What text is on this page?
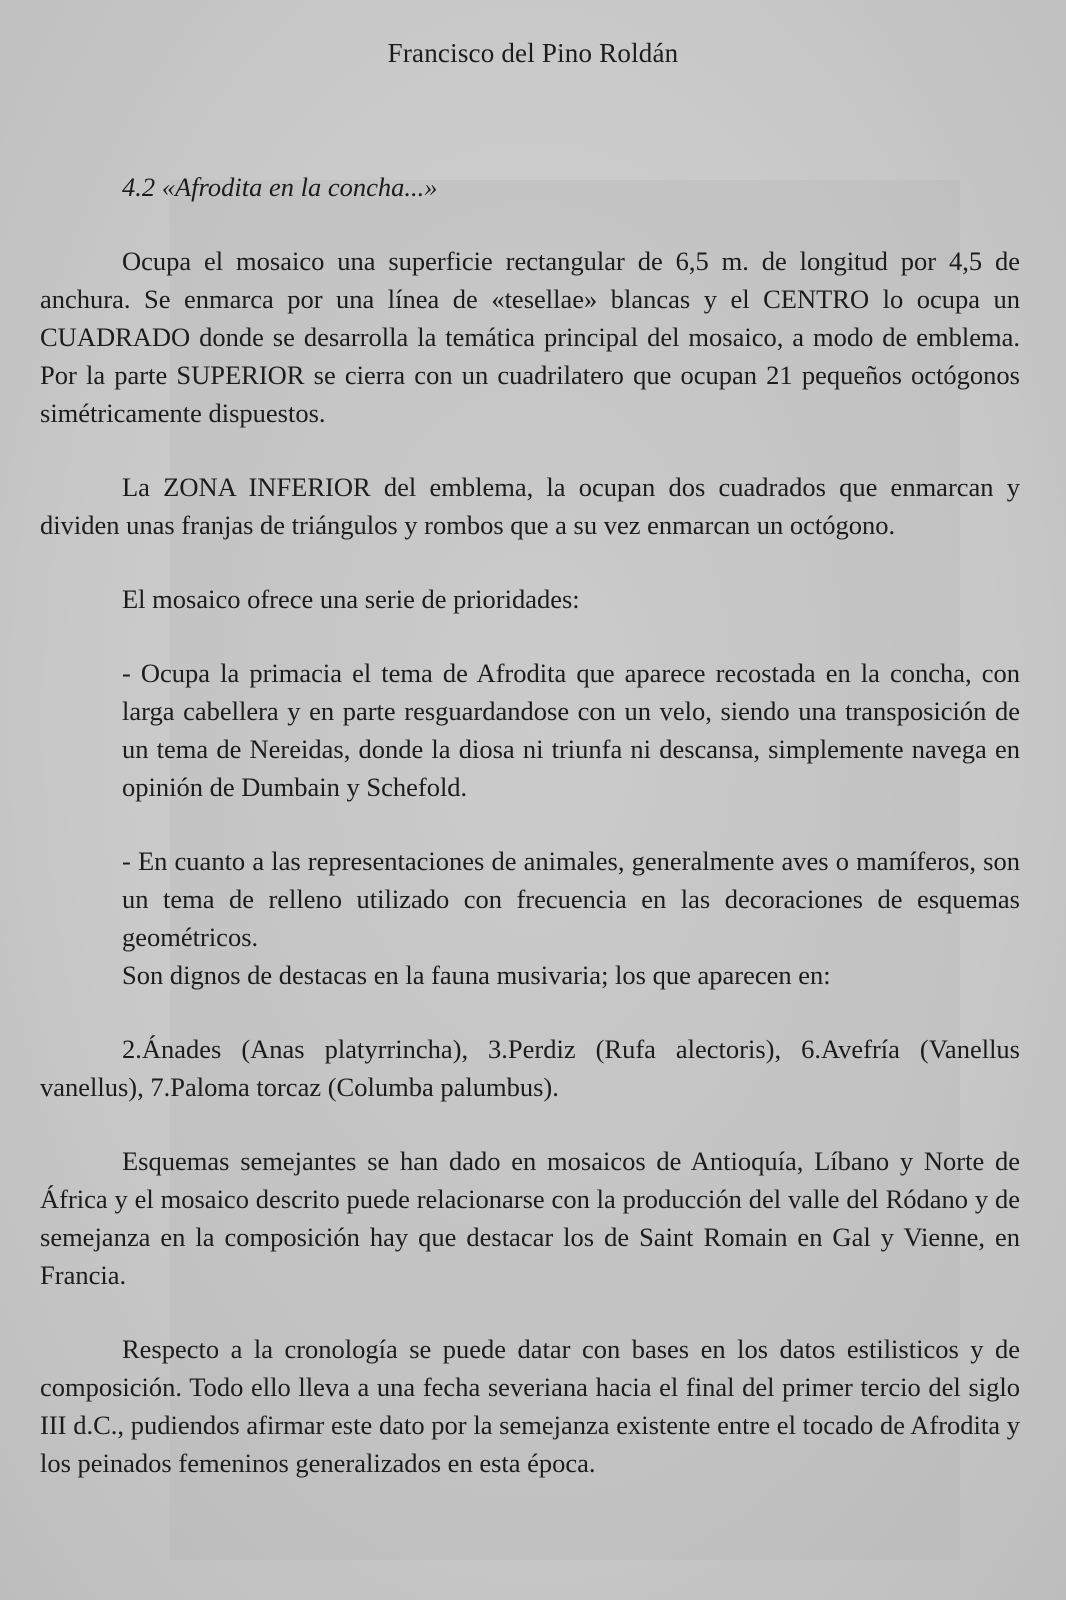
Francisco del Pino Roldán
4.2 «Afrodita en la concha...»
Ocupa el mosaico una superficie rectangular de 6,5 m. de longitud por 4,5 de anchura. Se enmarca por una línea de «tesellae» blancas y el CENTRO lo ocupa un CUADRADO donde se desarrolla la temática principal del mosaico, a modo de emblema. Por la parte SUPERIOR se cierra con un cuadrilatero que ocupan 21 pequeños octógonos simétricamente dispuestos.
La ZONA INFERIOR del emblema, la ocupan dos cuadrados que enmarcan y dividen unas franjas de triángulos y rombos que a su vez enmarcan un octógono.
El mosaico ofrece una serie de prioridades:
- Ocupa la primacia el tema de Afrodita que aparece recostada en la concha, con larga cabellera y en parte resguardandose con un velo, siendo una transposición de un tema de Nereidas, donde la diosa ni triunfa ni descansa, simplemente navega en opinión de Dumbain y Schefold.
- En cuanto a las representaciones de animales, generalmente aves o mamíferos, son un tema de relleno utilizado con frecuencia en las decoraciones de esquemas geométricos.
Son dignos de destacas en la fauna musivaria; los que aparecen en:
2.Ánades (Anas platyrrincha), 3.Perdiz (Rufa alectoris), 6.Avefría (Vanellus vanellus), 7.Paloma torcaz (Columba palumbus).
Esquemas semejantes se han dado en mosaicos de Antioquía, Líbano y Norte de África y el mosaico descrito puede relacionarse con la producción del valle del Ródano y de semejanza en la composición hay que destacar los de Saint Romain en Gal y Vienne, en Francia.
Respecto a la cronología se puede datar con bases en los datos estilisticos y de composición. Todo ello lleva a una fecha severiana hacia el final del primer tercio del siglo III d.C., pudiendos afirmar este dato por la semejanza existente entre el tocado de Afrodita y los peinados femeninos generalizados en esta época.
